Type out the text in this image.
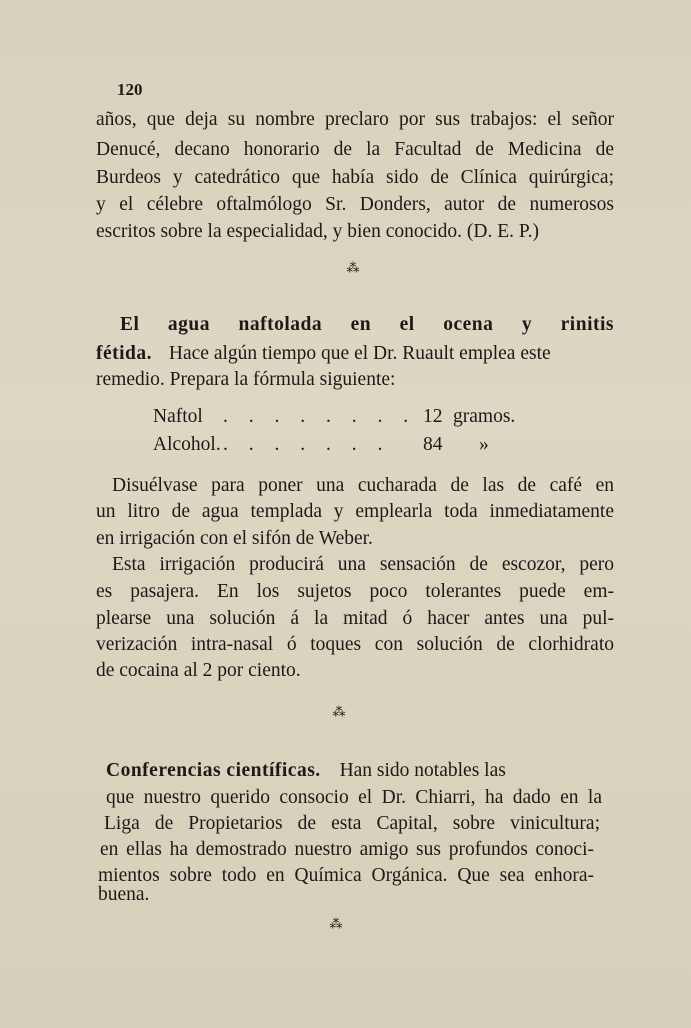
120
años, que deja su nombre preclaro por sus trabajos: el señor
Denucé, decano honorario de la Facultad de Medicina de
Burdeos y catedrático que había sido de Clínica quirúrgica;
y el célebre oftalmólogo Sr. Donders, autor de numerosos
escritos sobre la especialidad, y bien conocido. (D. E. P.)
⁂
El agua naftolada en el ocena y rinitis
fétida. Hace algún tiempo que el Dr. Ruault emplea este
remedio. Prepara la fórmula siguiente:
Naftol . . . . . . . . 12 gramos.
Alcohol. . . . . . . . 84 »
Disuélvase para poner una cucharada de las de café en
un litro de agua templada y emplearla toda inmediatamente
en irrigación con el sifón de Weber.
Esta irrigación producirá una sensación de escozor, pero
es pasajera. En los sujetos poco tolerantes puede em-
plearse una solución á la mitad ó hacer antes una pul-
verización intra-nasal ó toques con solución de clorhidrato
de cocaina al 2 por ciento.
⁂
Conferencias científicas. Han sido notables las
que nuestro querido consocio el Dr. Chiarri, ha dado en la
Liga de Propietarios de esta Capital, sobre vinicultura;
en ellas ha demostrado nuestro amigo sus profundos conoci-
mientos sobre todo en Química Orgánica. Que sea enhora-
buena.
⁂
